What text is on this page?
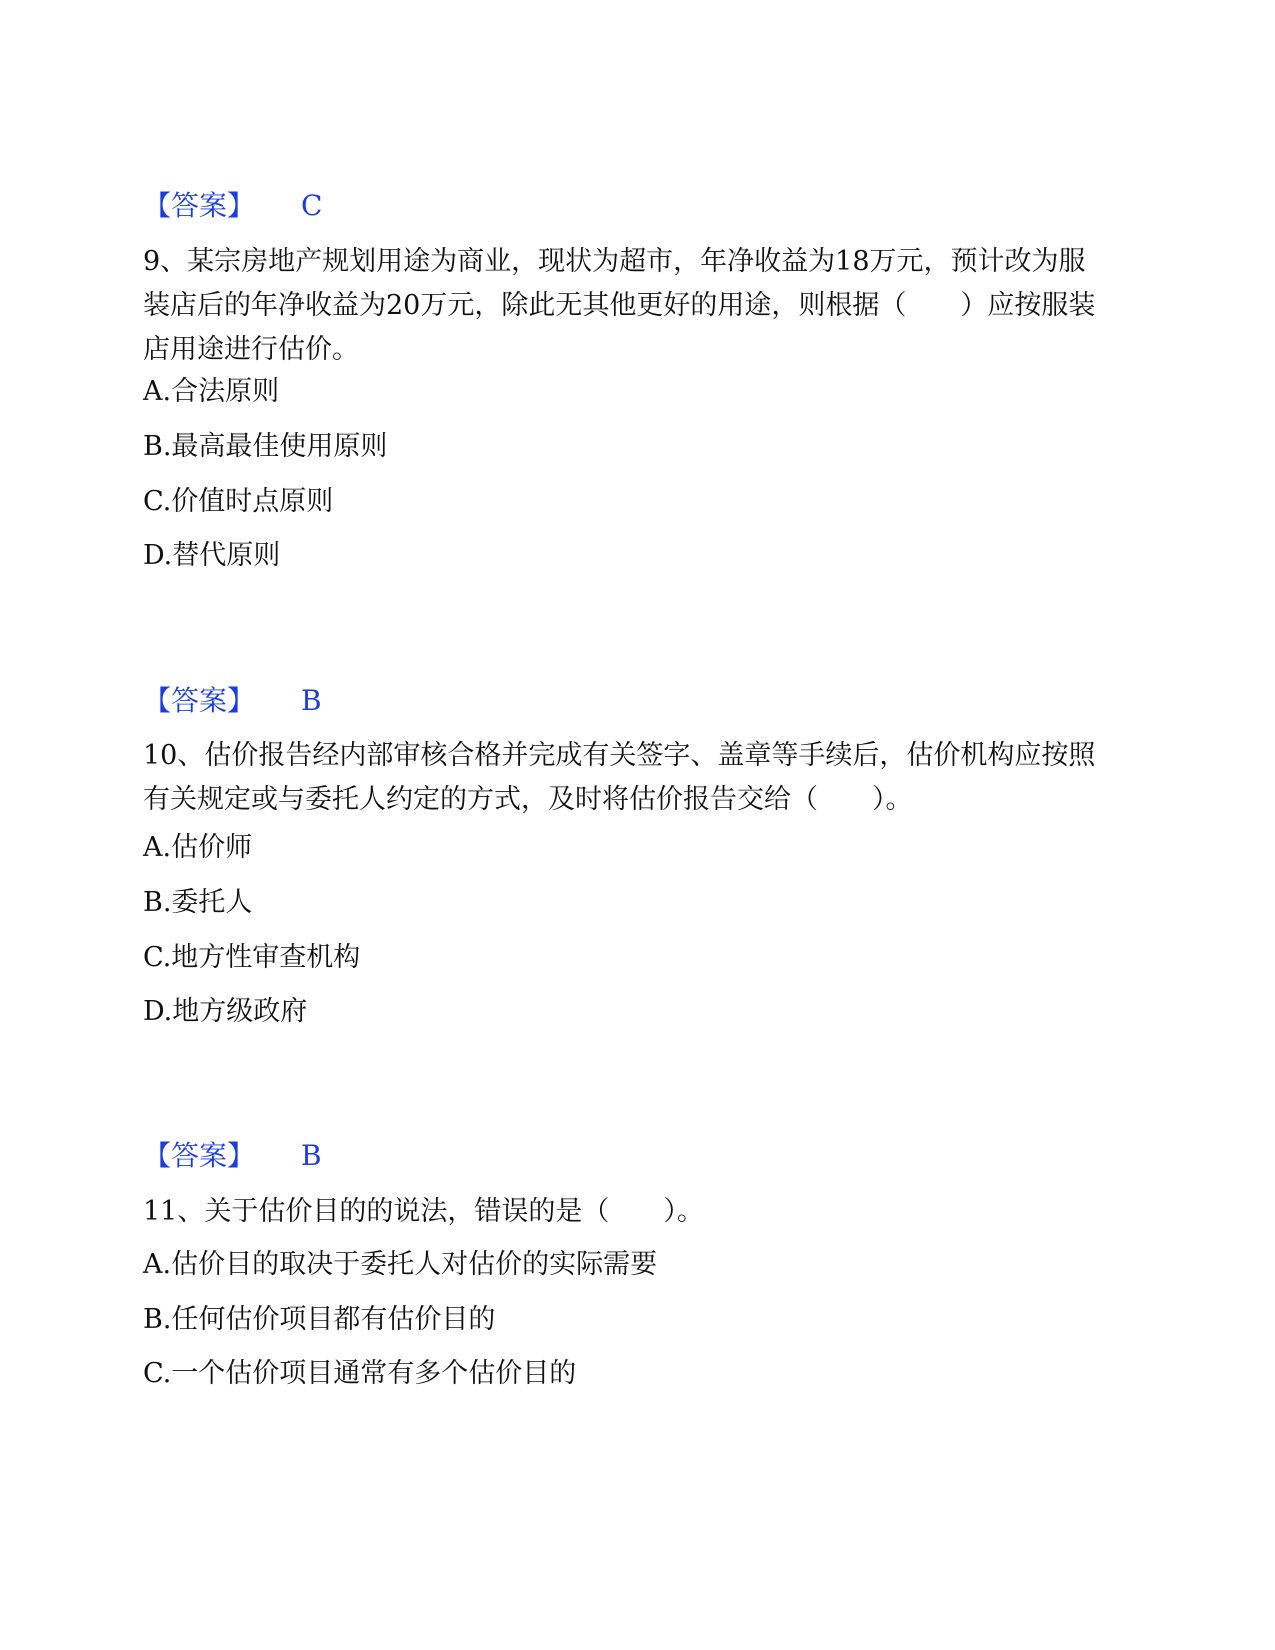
【答案】 C
9、某宗房地产规划用途为商业，现状为超市，年净收益为18万元，预计改为服装店后的年净收益为20万元，除此无其他更好的用途，则根据（　　）应按服装店用途进行估价。
A.合法原则
B.最高最佳使用原则
C.价值时点原则
D.替代原则
【答案】 B
10、估价报告经内部审核合格并完成有关签字、盖章等手续后，估价机构应按照有关规定或与委托人约定的方式，及时将估价报告交给（　　）。
A.估价师
B.委托人
C.地方性审查机构
D.地方级政府
【答案】 B
11、关于估价目的的说法，错误的是（　　）。
A.估价目的取决于委托人对估价的实际需要
B.任何估价项目都有估价目的
C.一个估价项目通常有多个估价目的
